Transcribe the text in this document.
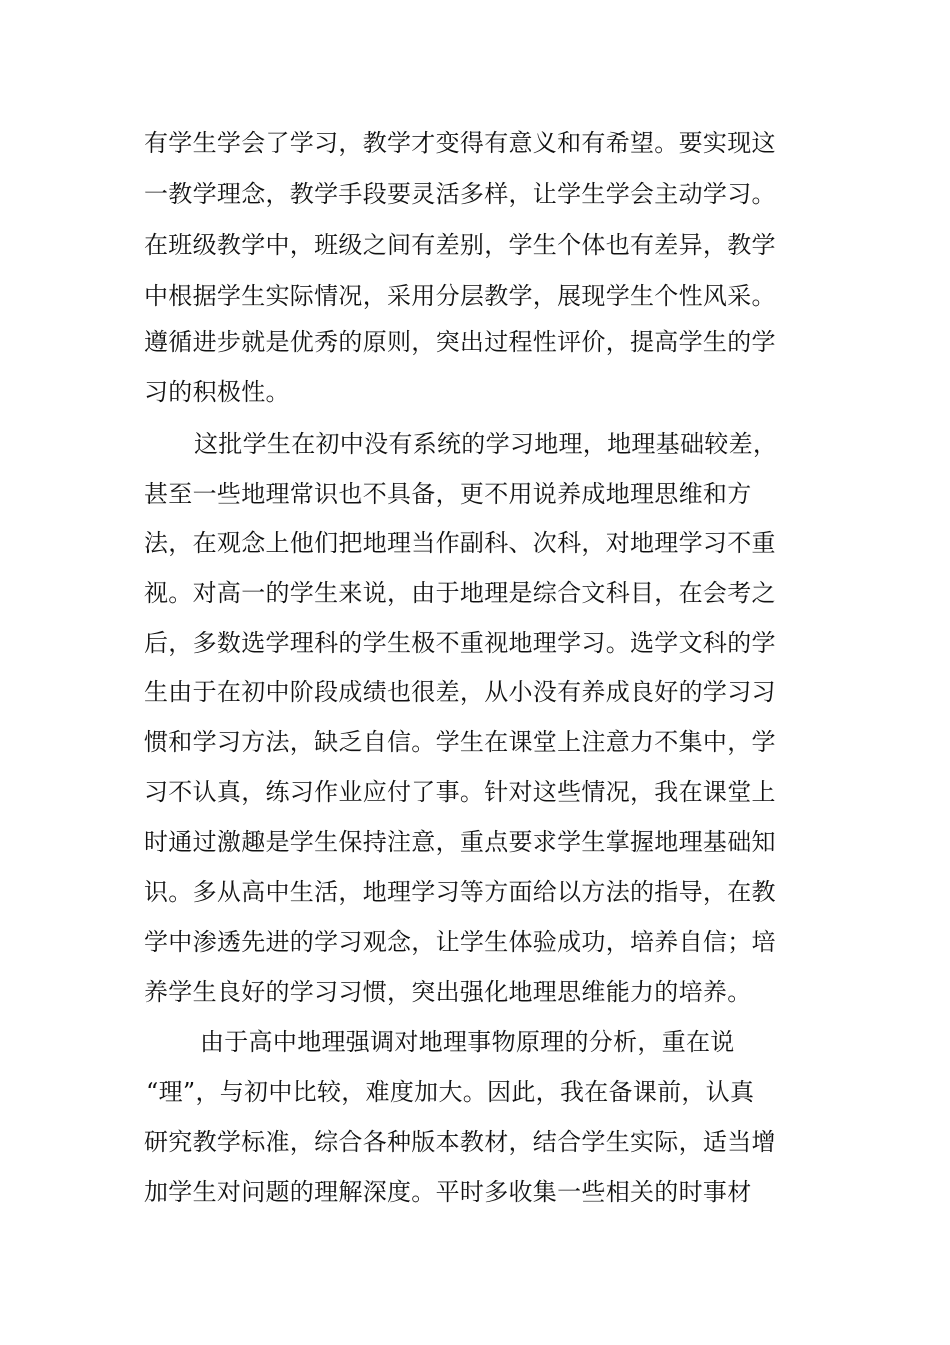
有学生学会了学习，教学才变得有意义和有希望。要实现这
一教学理念，教学手段要灵活多样，让学生学会主动学习。
在班级教学中，班级之间有差别，学生个体也有差异，教学
中根据学生实际情况，采用分层教学，展现学生个性风采。
遵循进步就是优秀的原则，突出过程性评价，提高学生的学
习的积极性。
这批学生在初中没有系统的学习地理，地理基础较差，
甚至一些地理常识也不具备，更不用说养成地理思维和方
法，在观念上他们把地理当作副科、次科，对地理学习不重
视。对高一的学生来说，由于地理是综合文科目，在会考之
后，多数选学理科的学生极不重视地理学习。选学文科的学
生由于在初中阶段成绩也很差，从小没有养成良好的学习习
惯和学习方法，缺乏自信。学生在课堂上注意力不集中，学
习不认真，练习作业应付了事。针对这些情况，我在课堂上
时通过激趣是学生保持注意，重点要求学生掌握地理基础知
识。多从高中生活，地理学习等方面给以方法的指导，在教
学中渗透先进的学习观念，让学生体验成功，培养自信；培
养学生良好的学习习惯，突出强化地理思维能力的培养。
由于高中地理强调对地理事物原理的分析，重在说
“理”，与初中比较，难度加大。因此，我在备课前，认真
研究教学标准，综合各种版本教材，结合学生实际，适当增
加学生对问题的理解深度。平时多收集一些相关的时事材
